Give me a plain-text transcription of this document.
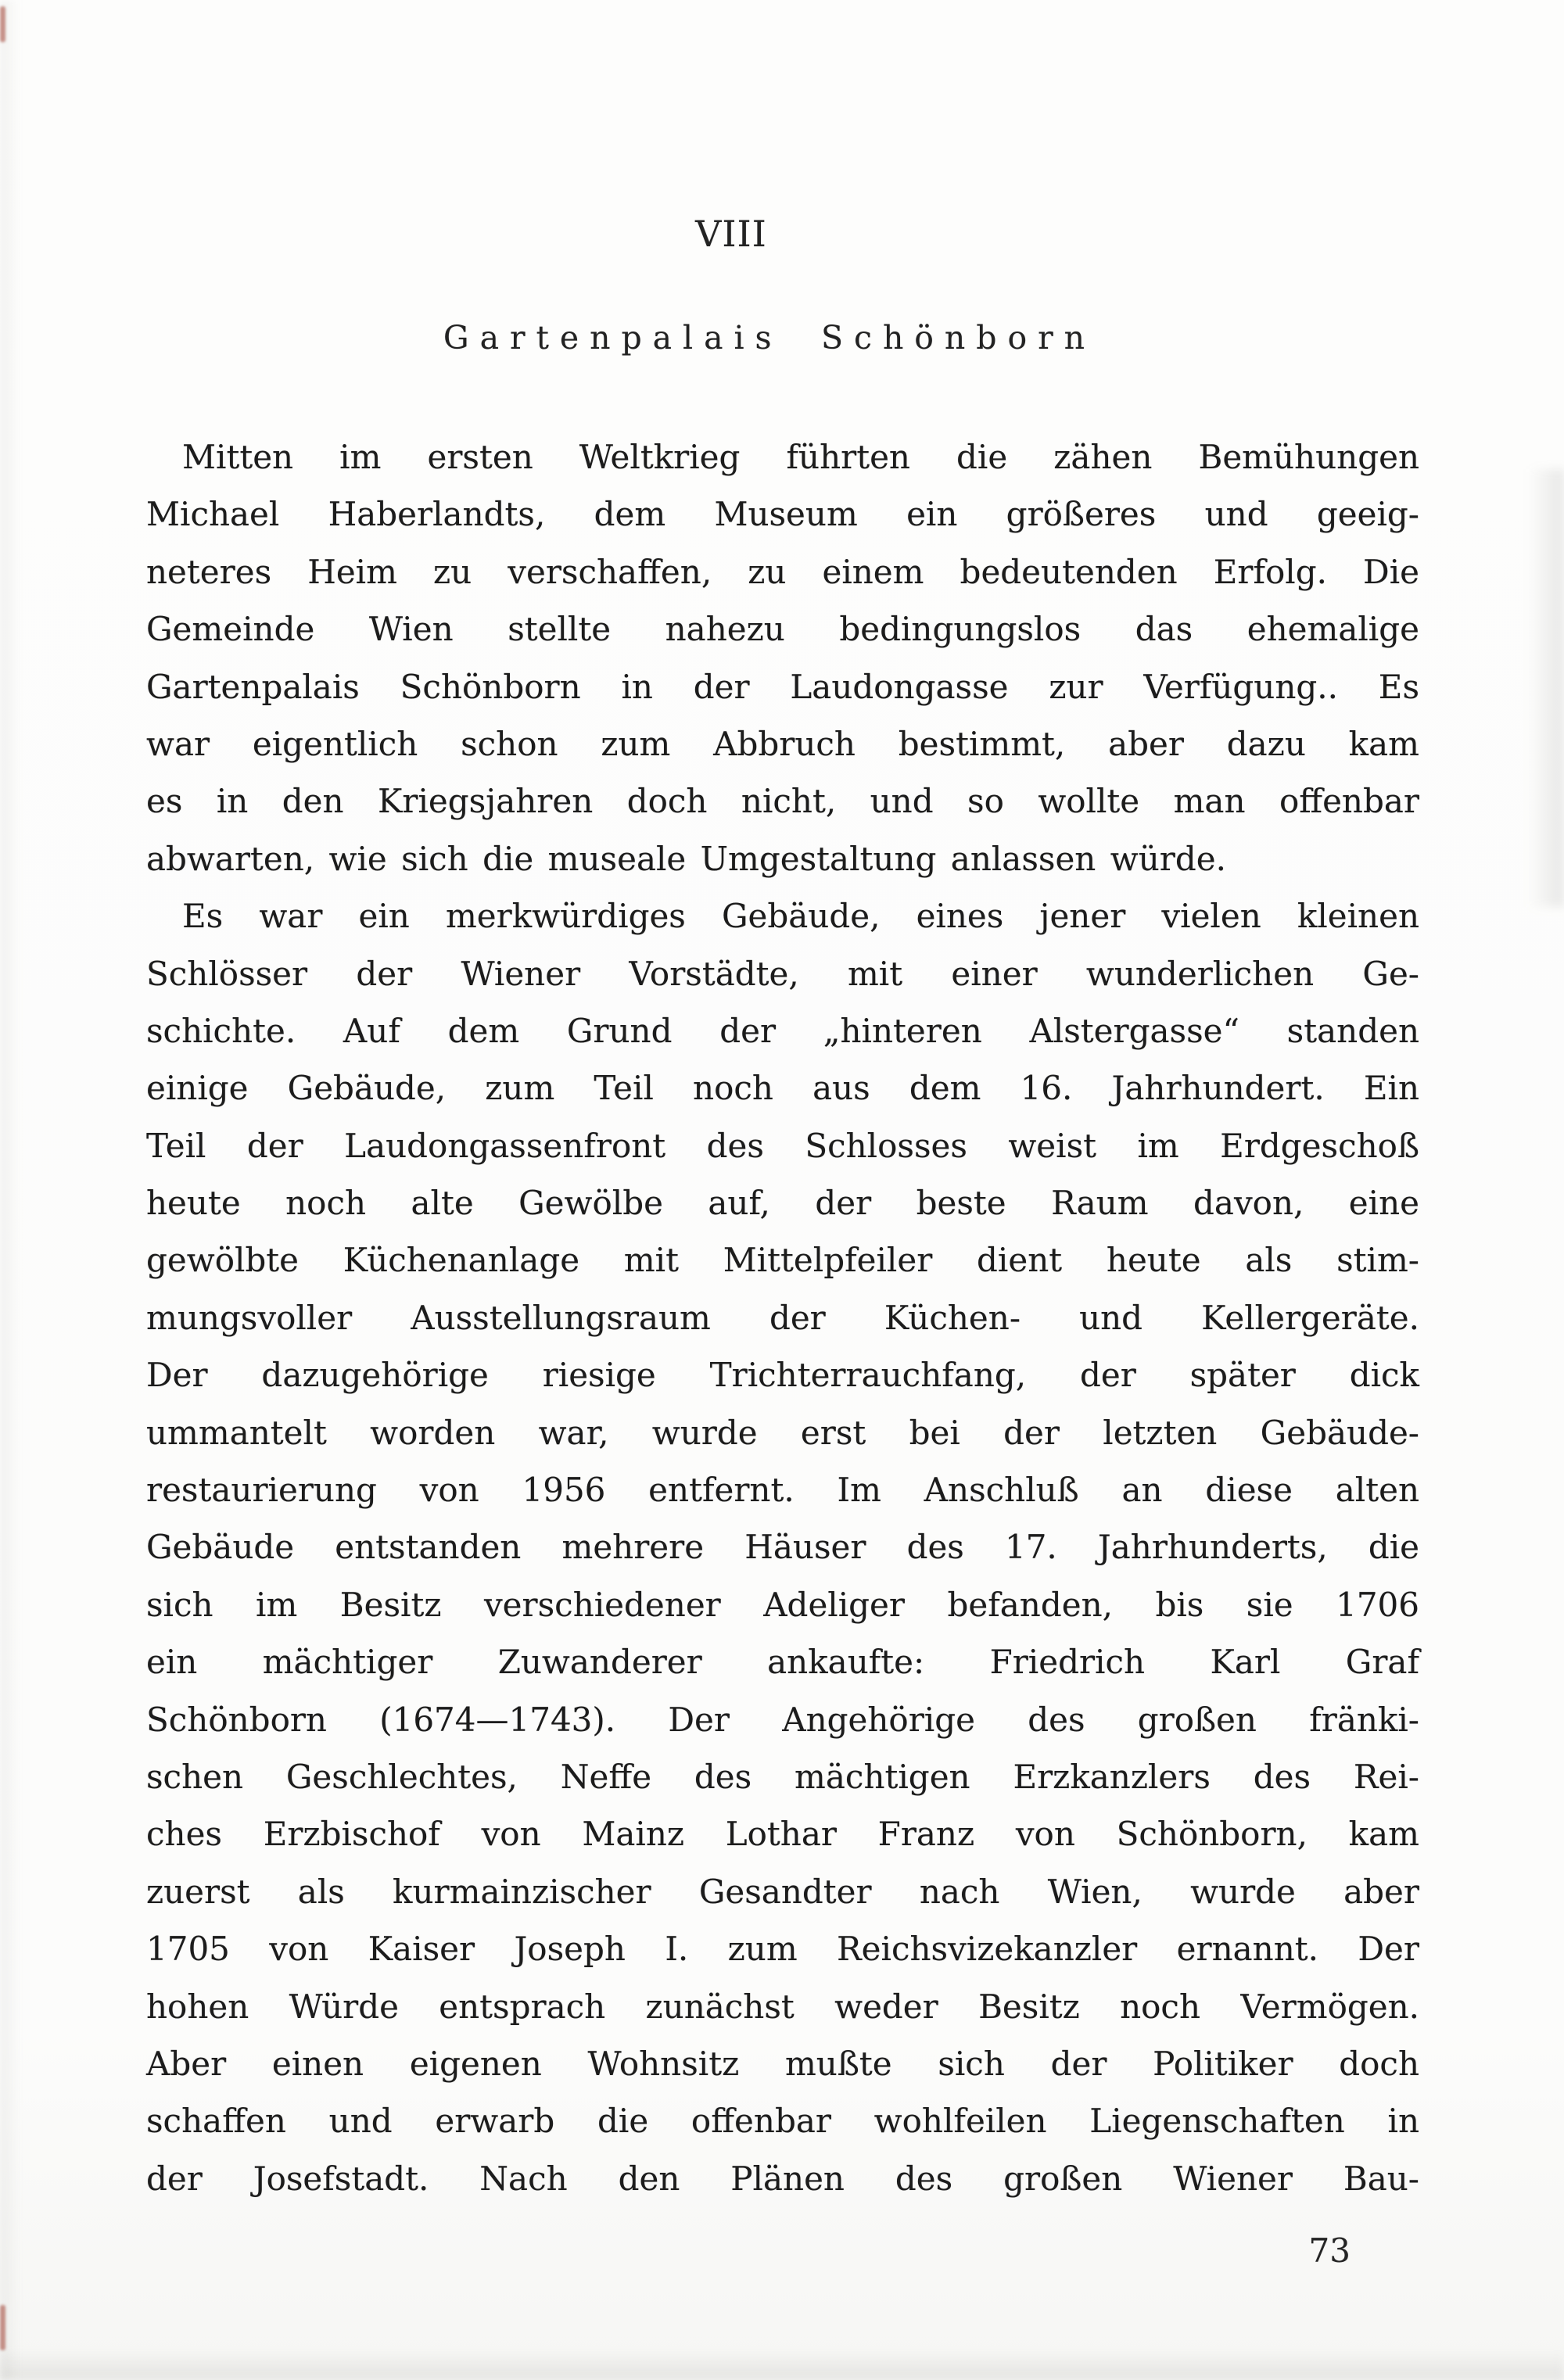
VIII
Gartenpalais Schönborn
Mitten im ersten Weltkrieg führten die zähen Bemühungen
Michael Haberlandts, dem Museum ein größeres und geeig-
neteres Heim zu verschaffen, zu einem bedeutenden Erfolg. Die
Gemeinde Wien stellte nahezu bedingungslos das ehemalige
Gartenpalais Schönborn in der Laudongasse zur Verfügung.. Es
war eigentlich schon zum Abbruch bestimmt, aber dazu kam
es in den Kriegsjahren doch nicht, und so wollte man offenbar
abwarten, wie sich die museale Umgestaltung anlassen würde.
Es war ein merkwürdiges Gebäude, eines jener vielen kleinen
Schlösser der Wiener Vorstädte, mit einer wunderlichen Ge-
schichte. Auf dem Grund der „hinteren Alstergasse“ standen
einige Gebäude, zum Teil noch aus dem 16. Jahrhundert. Ein
Teil der Laudongassenfront des Schlosses weist im Erdgeschoß
heute noch alte Gewölbe auf, der beste Raum davon, eine
gewölbte Küchenanlage mit Mittelpfeiler dient heute als stim-
mungsvoller Ausstellungsraum der Küchen- und Kellergeräte.
Der dazugehörige riesige Trichterrauchfang, der später dick
ummantelt worden war, wurde erst bei der letzten Gebäude-
restaurierung von 1956 entfernt. Im Anschluß an diese alten
Gebäude entstanden mehrere Häuser des 17. Jahrhunderts, die
sich im Besitz verschiedener Adeliger befanden, bis sie 1706
ein mächtiger Zuwanderer ankaufte: Friedrich Karl Graf
Schönborn (1674—1743). Der Angehörige des großen fränki-
schen Geschlechtes, Neffe des mächtigen Erzkanzlers des Rei-
ches Erzbischof von Mainz Lothar Franz von Schönborn, kam
zuerst als kurmainzischer Gesandter nach Wien, wurde aber
1705 von Kaiser Joseph I. zum Reichsvizekanzler ernannt. Der
hohen Würde entsprach zunächst weder Besitz noch Vermögen.
Aber einen eigenen Wohnsitz mußte sich der Politiker doch
schaffen und erwarb die offenbar wohlfeilen Liegenschaften in
der Josefstadt. Nach den Plänen des großen Wiener Bau-
73
